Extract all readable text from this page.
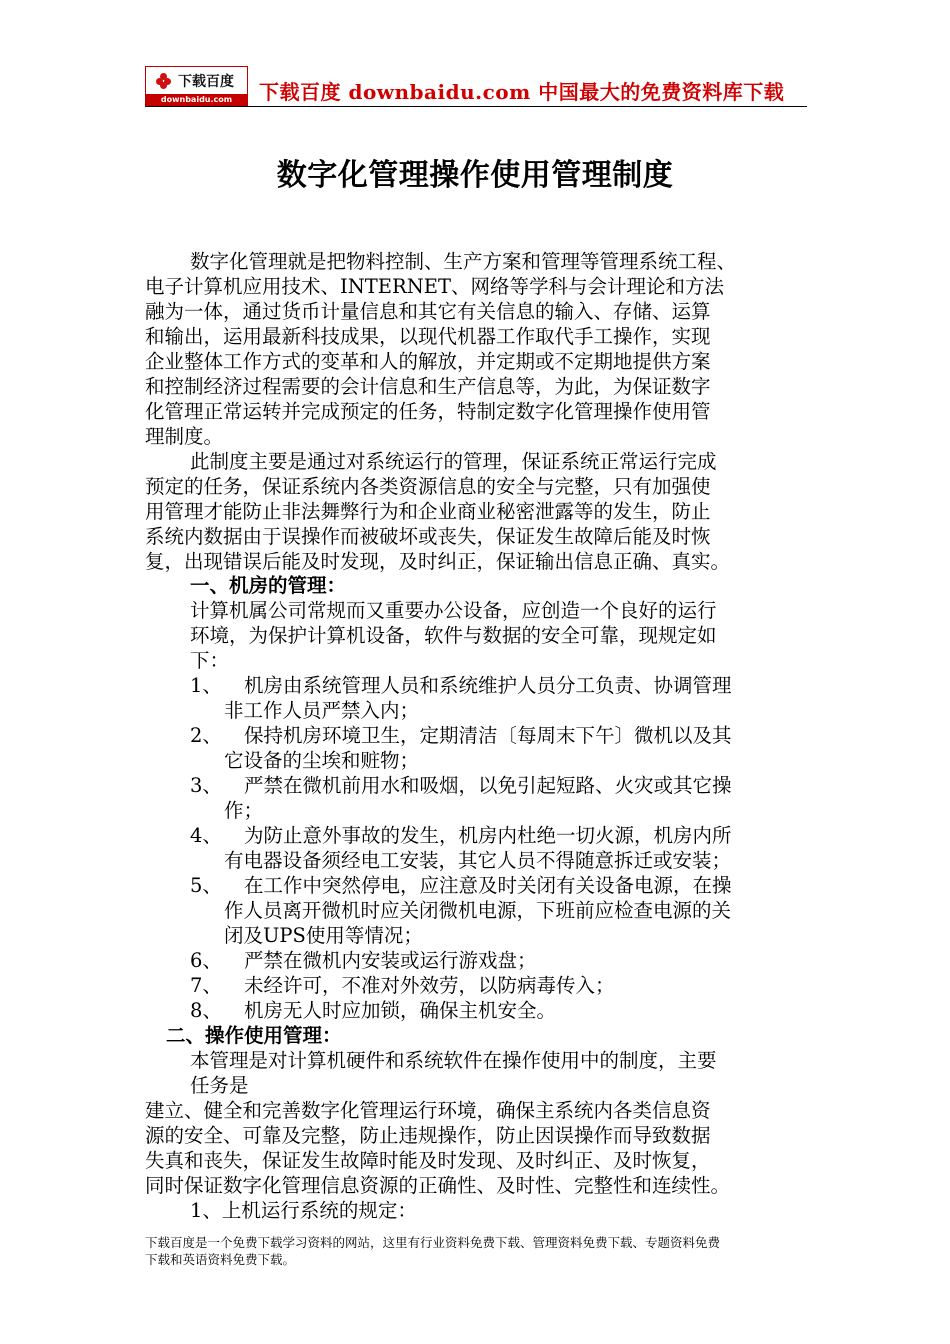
下载百度
downbaidu.com	下载百度 downbaidu.com 中国最大的免费资料库下载
数字化管理操作使用管理制度
数字化管理就是把物料控制、生产方案和管理等管理系统工程、
电子计算机应用技术、INTERNET、网络等学科与会计理论和方法
融为一体，通过货币计量信息和其它有关信息的输入、存储、运算
和输出，运用最新科技成果，以现代机器工作取代手工操作，实现
企业整体工作方式的变革和人的解放，并定期或不定期地提供方案
和控制经济过程需要的会计信息和生产信息等，为此，为保证数字
化管理正常运转并完成预定的任务，特制定数字化管理操作使用管
理制度。
此制度主要是通过对系统运行的管理，保证系统正常运行完成
预定的任务，保证系统内各类资源信息的安全与完整，只有加强使
用管理才能防止非法舞弊行为和企业商业秘密泄露等的发生，防止
系统内数据由于误操作而被破坏或丧失，保证发生故障后能及时恢
复，出现错误后能及时发现，及时纠正，保证输出信息正确、真实。
一、机房的管理：
计算机属公司常规而又重要办公设备，应创造一个良好的运行
环境，为保护计算机设备，软件与数据的安全可靠，现规定如
下：
1、 机房由系统管理人员和系统维护人员分工负责、协调管理
非工作人员严禁入内；
2、 保持机房环境卫生，定期清洁〔每周末下午〕微机以及其
它设备的尘埃和赃物；
3、 严禁在微机前用水和吸烟，以免引起短路、火灾或其它操
作；
4、 为防止意外事故的发生，机房内杜绝一切火源，机房内所
有电器设备须经电工安装，其它人员不得随意拆迁或安装；
5、 在工作中突然停电，应注意及时关闭有关设备电源，在操
作人员离开微机时应关闭微机电源，下班前应检查电源的关
闭及UPS使用等情况；
6、 严禁在微机内安装或运行游戏盘；
7、 未经许可，不准对外效劳，以防病毒传入；
8、 机房无人时应加锁，确保主机安全。
二、操作使用管理：
本管理是对计算机硬件和系统软件在操作使用中的制度，主要
任务是
建立、健全和完善数字化管理运行环境，确保主系统内各类信息资
源的安全、可靠及完整，防止违规操作，防止因误操作而导致数据
失真和丧失，保证发生故障时能及时发现、及时纠正、及时恢复，
同时保证数字化管理信息资源的正确性、及时性、完整性和连续性。
1、上机运行系统的规定：
下载百度是一个免费下载学习资料的网站，这里有行业资料免费下载、管理资料免费下载、专题资料免费
下载和英语资料免费下载。
